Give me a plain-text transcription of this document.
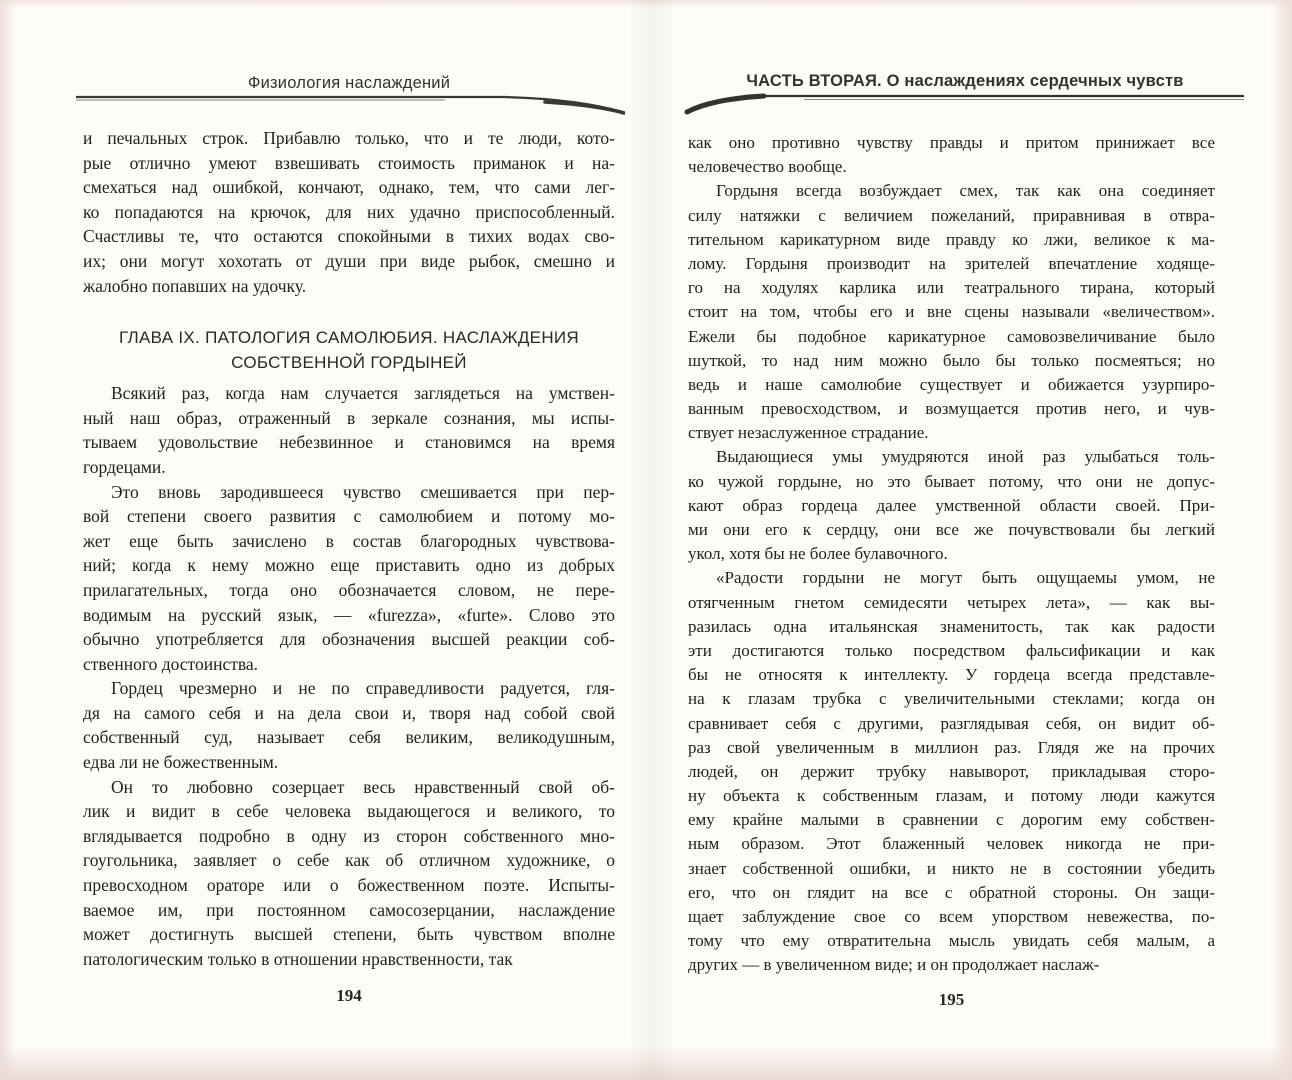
Физиология наслаждений
и печальных строк. Прибавлю только, что и те люди, кото-
рые отлично умеют взвешивать стоимость приманок и на-
смехаться над ошибкой, кончают, однако, тем, что сами лег-
ко попадаются на крючок, для них удачно приспособленный.
Счастливы те, что остаются спокойными в тихих водах сво-
их; они могут хохотать от души при виде рыбок, смешно и
жалобно попавших на удочку.
ГЛАВА IX. ПАТОЛОГИЯ САМОЛЮБИЯ. НАСЛАЖДЕНИЯ
СОБСТВЕННОЙ ГОРДЫНЕЙ
Всякий раз, когда нам случается заглядеться на умствен-
ный наш образ, отраженный в зеркале сознания, мы испы-
тываем удовольствие небезвинное и становимся на время
гордецами.
Это вновь зародившееся чувство смешивается при пер-
вой степени своего развития с самолюбием и потому мо-
жет еще быть зачислено в состав благородных чувствова-
ний; когда к нему можно еще приставить одно из добрых
прилагательных, тогда оно обозначается словом, не пере-
водимым на русский язык, — «furezza», «furte». Слово это
обычно употребляется для обозначения высшей реакции соб-
ственного достоинства.
Гордец чрезмерно и не по справедливости радуется, гля-
дя на самого себя и на дела свои и, творя над собой свой
собственный суд, называет себя великим, великодушным,
едва ли не божественным.
Он то любовно созерцает весь нравственный свой об-
лик и видит в себе человека выдающегося и великого, то
вглядывается подробно в одну из сторон собственного мно-
гоугольника, заявляет о себе как об отличном художнике, о
превосходном ораторе или о божественном поэте. Испыты-
ваемое им, при постоянном самосозерцании, наслаждение
может достигнуть высшей степени, быть чувством вполне
патологическим только в отношении нравственности, так
194
ЧАСТЬ ВТОРАЯ. О наслаждениях сердечных чувств
как оно противно чувству правды и притом принижает все
человечество вообще.
Гордыня всегда возбуждает смех, так как она соединяет
силу натяжки с величием пожеланий, приравнивая в отвра-
тительном карикатурном виде правду ко лжи, великое к ма-
лому. Гордыня производит на зрителей впечатление ходяще-
го на ходулях карлика или театрального тирана, который
стоит на том, чтобы его и вне сцены называли «величеством».
Ежели бы подобное карикатурное самовозвеличивание было
шуткой, то над ним можно было бы только посмеяться; но
ведь и наше самолюбие существует и обижается узурпиро-
ванным превосходством, и возмущается против него, и чув-
ствует незаслуженное страдание.
Выдающиеся умы умудряются иной раз улыбаться толь-
ко чужой гордыне, но это бывает потому, что они не допус-
кают образ гордеца далее умственной области своей. При-
ми они его к сердцу, они все же почувствовали бы легкий
укол, хотя бы не более булавочного.
«Радости гордыни не могут быть ощущаемы умом, не
отягченным гнетом семидесяти четырех лета», — как вы-
разилась одна итальянская знаменитость, так как радости
эти достигаются только посредством фальсификации и как
бы не относятя к интеллекту. У гордеца всегда представле-
на к глазам трубка с увеличительными стеклами; когда он
сравнивает себя с другими, разглядывая себя, он видит об-
раз свой увеличенным в миллион раз. Глядя же на прочих
людей, он держит трубку навыворот, прикладывая сторо-
ну объекта к собственным глазам, и потому люди кажутся
ему крайне малыми в сравнении с дорогим ему собствен-
ным образом. Этот блаженный человек никогда не при-
знает собственной ошибки, и никто не в состоянии убедить
его, что он глядит на все с обратной стороны. Он защи-
щает заблуждение свое со всем упорством невежества, по-
тому что ему отвратительна мысль увидать себя малым, а
других — в увеличенном виде; и он продолжает наслаж-
195
